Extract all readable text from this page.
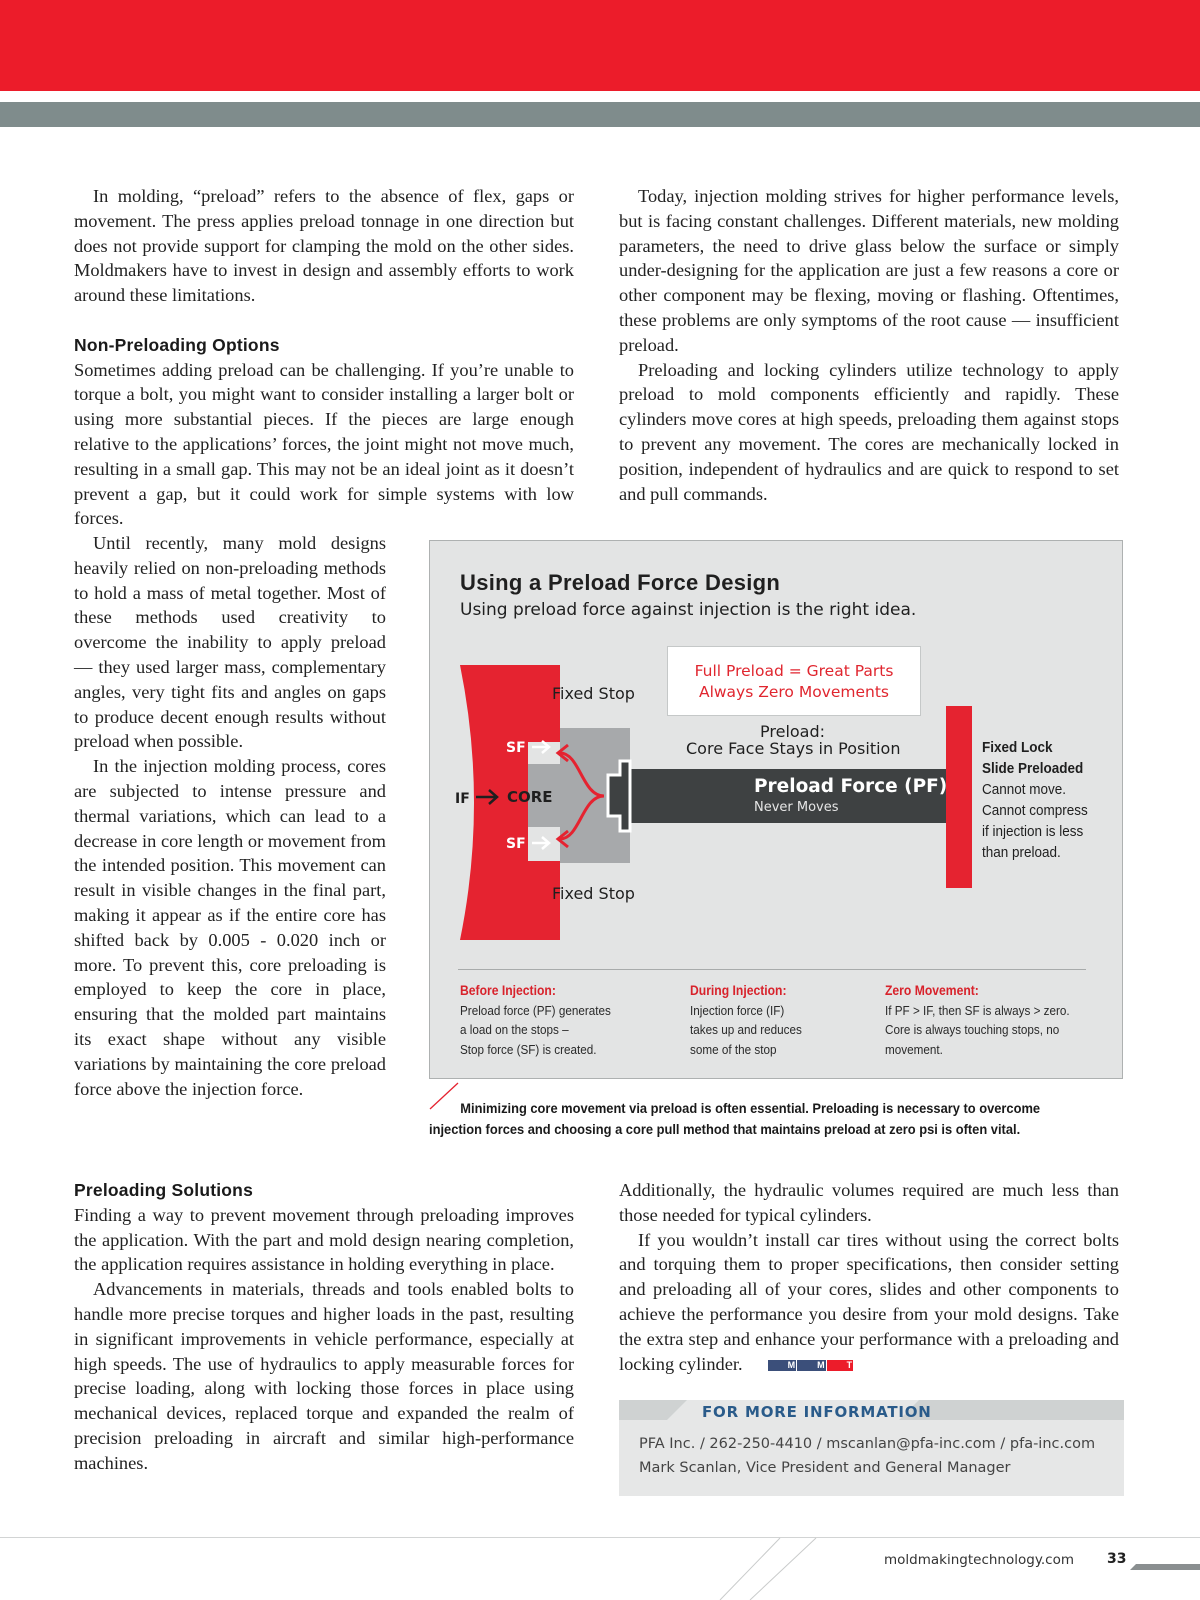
In molding, “preload” refers to the absence of flex, gaps or movement. The press applies preload tonnage in one direction but does not provide support for clamping the mold on the other sides. Moldmakers have to invest in design and assembly efforts to work around these limitations.

Non-Preloading Options

Sometimes adding preload can be challenging. If you’re unable to torque a bolt, you might want to consider installing a larger bolt or using more substantial pieces. If the pieces are large enough relative to the applications’ forces, the joint might not move much, resulting in a small gap. This may not be an ideal joint as it doesn’t prevent a gap, but it could work for simple systems with low forces.

Until recently, many mold designs heavily relied on non-preloading methods to hold a mass of metal together. Most of these methods used creativity to overcome the inability to apply preload — they used larger mass, complementary angles, very tight fits and angles on gaps to produce decent enough results without preload when possible.

In the injection molding process, cores are subjected to intense pressure and thermal variations, which can lead to a decrease in core length or movement from the intended position. This movement can result in visible changes in the final part, making it appear as if the entire core has shifted back by 0.005 - 0.020 inch or more. To prevent this, core preloading is employed to keep the core in place, ensuring that the molded part maintains its exact shape without any visible variations by maintaining the core preload force above the injection force.

Today, injection molding strives for higher performance levels, but is facing constant challenges. Different materials, new molding parameters, the need to drive glass below the surface or simply under-designing for the application are just a few reasons a core or other component may be flexing, moving or flashing. Oftentimes, these problems are only symptoms of the root cause — insufficient preload.

Preloading and locking cylinders utilize technology to apply preload to mold components efficiently and rapidly. These cylinders move cores at high speeds, preloading them against stops to prevent any movement. The cores are mechanically locked in position, independent of hydraulics and are quick to respond to set and pull commands.

Using a Preload Force Design
Using preload force against injection is the right idea.
Full Preload = Great Parts
Always Zero Movements
SF
SF
IF CORE	Preload Force (PF)
Never Moves
Fixed Stop
Fixed Stop
Preload:
Core Face Stays in Position	Fixed Lock
Slide Preloaded
Cannot move.
Cannot compress
if injection is less
than preload.
Before Injection:
Preload force (PF) generates
a load on the stops –
Stop force (SF) is created.
During Injection:
Injection force (IF)
takes up and reduces
some of the stop
Zero Movement:
If PF > IF, then SF is always > zero.
Core is always touching stops, no
movement.
Minimizing core movement via preload is often essential. Preloading is necessary to overcome
injection forces and choosing a core pull method that maintains preload at zero psi is often vital.
Preloading Solutions

Finding a way to prevent movement through preloading improves the application. With the part and mold design nearing completion, the application requires assistance in holding everything in place.

Advancements in materials, threads and tools enabled bolts to handle more precise torques and higher loads in the past, resulting in significant improvements in vehicle performance, especially at high speeds. The use of hydraulics to apply measurable forces for precise loading, along with locking those forces in place using mechanical devices, replaced torque and expanded the realm of precision preloading in aircraft and similar high-performance machines.

Additionally, the hydraulic volumes required are much less than those needed for typical cylinders.

If you wouldn’t install car tires without using the correct bolts and torquing them to proper specifications, then consider setting and preloading all of your cores, slides and other components to achieve the performance you desire from your mold designs. Take the extra step and enhance your performance with a preloading and locking cylinder.	M M T

FOR MORE INFORMATION
PFA Inc. / 262-250-4410 / mscanlan@pfa-inc.com / pfa-inc.com
Mark Scanlan, Vice President and General Manager
moldmakingtechnology.com 33
